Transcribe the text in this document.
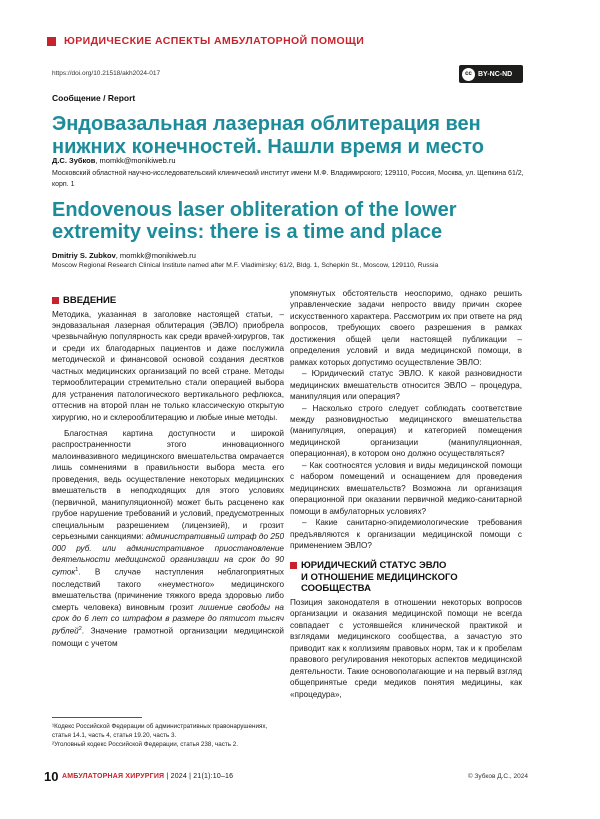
ЮРИДИЧЕСКИЕ АСПЕКТЫ АМБУЛАТОРНОЙ ПОМОЩИ
https://doi.org/10.21518/akh2024-017	cc BY-NC-ND
Сообщение / Report
Эндовазальная лазерная облитерация вен нижних конечностей. Нашли время и место
Д.С. Зубков, momkk@monikiweb.ru
Московский областной научно-исследовательский клинический институт имени М.Ф. Владимирского; 129110, Россия, Москва, ул. Щепкина 61/2, корп. 1
Endovenous laser obliteration of the lower extremity veins: there is a time and place
Dmitriy S. Zubkov, momkk@monikiweb.ru
Moscow Regional Research Clinical Institute named after M.F. Vladimirsky; 61/2, Bldg. 1, Schepkin St., Moscow, 129110, Russia
ВВЕДЕНИЕ

Методика, указанная в заголовке настоящей статьи, – эндовазальная лазерная облитерация (ЭВЛО) приобрела чрезвычайную популярность как среди врачей-хирургов, так и среди их благодарных пациентов и даже послужила методической и финансовой основой создания десятков частных медицинских организаций по всей стране. Методы термооблитерации стремительно стали операцией выбора для устранения патологического вертикального рефлюкса, оттеснив на второй план не только классическую открытую хирургию, но и склерооблитерацию и любые иные методы.

Благостная картина доступности и широкой распространенности этого инновационного малоинвазивного медицинского вмешательства омрачается лишь сомнениями в правильности выбора места его проведения, ведь осуществление некоторых медицинских вмешательств в неподходящих для этого условиях (первичной, манипуляционной) может быть расценено как грубое нарушение требований и условий, предусмотренных специальным разрешением (лицензией), и грозит серьезными санкциями: административный штраф до 250 000 руб. или административное приостановление деятельности медицинской организации на срок до 90 суток$^1$. В случае наступления неблагоприятных последствий такого «неуместного» медицинского вмешательства (причинение тяжкого вреда здоровью либо смерть человека) виновным грозит лишение свободы на срок до 6 лет со штрафом в размере до пятисот тысяч рублей$^2$. Значение грамотной организации медицинской помощи с учетом

упомянутых обстоятельств неоспоримо, однако решить управленческие задачи непросто ввиду причин скорее искусственного характера. Рассмотрим их при ответе на ряд вопросов, требующих своего разрешения в рамках достижения общей цели настоящей публикации – определения условий и вида медицинской помощи, в рамках которых допустимо осуществление ЭВЛО:

– Юридический статус ЭВЛО. К какой разновидности медицинских вмешательств относится ЭВЛО – процедура, манипуляция или операция?

– Насколько строго следует соблюдать соответствие между разновидностью медицинского вмешательства (манипуляция, операция) и категорией помещения медицинской организации (манипуляционная, операционная), в котором оно должно осуществляться?

– Как соотносятся условия и виды медицинской помощи с набором помещений и оснащением для проведения медицинских вмешательств? Возможна ли организация операционной при оказании первичной медико-санитарной помощи в амбулаторных условиях?

– Какие санитарно-эпидемиологические требования предъявляются к организации медицинской помощи с применением ЭВЛО?

ЮРИДИЧЕСКИЙ СТАТУС ЭВЛО
И ОТНОШЕНИЕ МЕДИЦИНСКОГО СООБЩЕСТВА

Позиция законодателя в отношении некоторых вопросов организации и оказания медицинской помощи не всегда совпадает с устоявшейся клинической практикой и взглядами медицинского сообщества, а зачастую это приводит как к коллизиям правовых норм, так и к пробелам правового регулирования некоторых аспектов медицинской деятельности. Такие основополагающие и на первый взгляд общепринятые среди медиков понятия медицины, как «процедура»,

¹Кодекс Российской Федерации об административных правонарушениях, статья 14.1, часть 4, статья 19.20, часть 3.
²Уголовный кодекс Российской Федерации, статья 238, часть 2.
10 АМБУЛАТОРНАЯ ХИРУРГИЯ | 2024 | 21(1):10–16	© Зубков Д.С., 2024
